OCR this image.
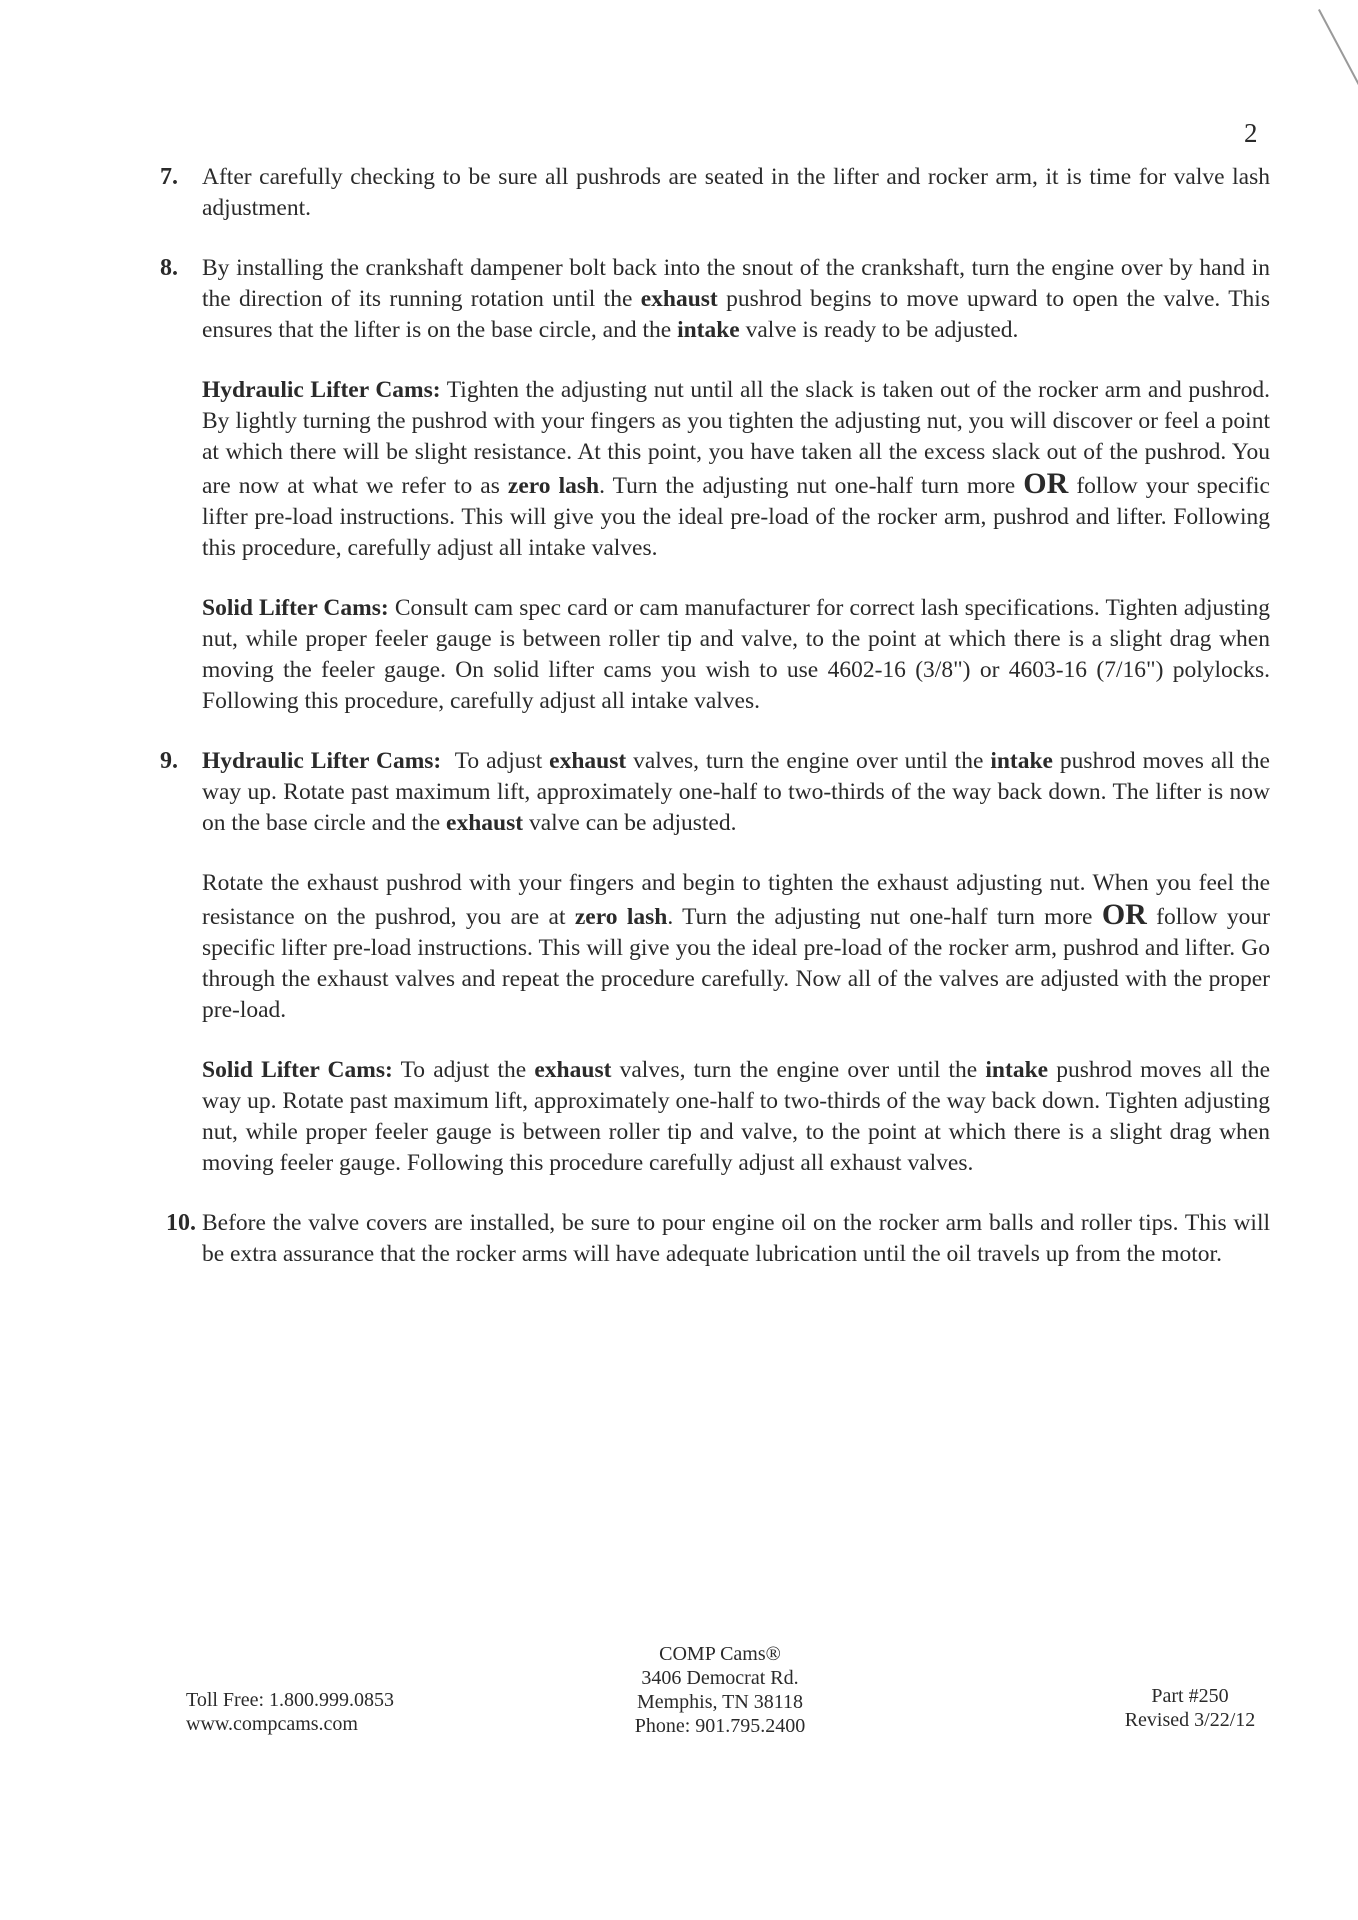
2
7. After carefully checking to be sure all pushrods are seated in the lifter and rocker arm, it is time for valve lash adjustment.

8. By installing the crankshaft dampener bolt back into the snout of the crankshaft, turn the engine over by hand in the direction of its running rotation until the exhaust pushrod begins to move upward to open the valve. This ensures that the lifter is on the base circle, and the intake valve is ready to be adjusted.

Hydraulic Lifter Cams: Tighten the adjusting nut until all the slack is taken out of the rocker arm and pushrod. By lightly turning the pushrod with your fingers as you tighten the adjusting nut, you will discover or feel a point at which there will be slight resistance. At this point, you have taken all the excess slack out of the pushrod. You are now at what we refer to as zero lash. Turn the adjusting nut one-half turn more OR follow your specific lifter pre-load instructions. This will give you the ideal pre-load of the rocker arm, pushrod and lifter. Following this procedure, carefully adjust all intake valves.

Solid Lifter Cams: Consult cam spec card or cam manufacturer for correct lash specifications. Tighten adjusting nut, while proper feeler gauge is between roller tip and valve, to the point at which there is a slight drag when moving the feeler gauge. On solid lifter cams you wish to use 4602-16 (3/8") or 4603-16 (7/16") polylocks. Following this procedure, carefully adjust all intake valves.

9. Hydraulic Lifter Cams:  To adjust exhaust valves, turn the engine over until the intake pushrod moves all the way up. Rotate past maximum lift, approximately one-half to two-thirds of the way back down. The lifter is now on the base circle and the exhaust valve can be adjusted.

Rotate the exhaust pushrod with your fingers and begin to tighten the exhaust adjusting nut. When you feel the resistance on the pushrod, you are at zero lash. Turn the adjusting nut one-half turn more OR follow your specific lifter pre-load instructions. This will give you the ideal pre-load of the rocker arm, pushrod and lifter. Go through the exhaust valves and repeat the procedure carefully. Now all of the valves are adjusted with the proper pre-load.

Solid Lifter Cams: To adjust the exhaust valves, turn the engine over until the intake pushrod moves all the way up. Rotate past maximum lift, approximately one-half to two-thirds of the way back down. Tighten adjusting nut, while proper feeler gauge is between roller tip and valve, to the point at which there is a slight drag when moving feeler gauge. Following this procedure carefully adjust all exhaust valves.

10. Before the valve covers are installed, be sure to pour engine oil on the rocker arm balls and roller tips. This will be extra assurance that the rocker arms will have adequate lubrication until the oil travels up from the motor.

Toll Free: 1.800.999.0853
www.compcams.com
COMP Cams®
3406 Democrat Rd.
Memphis, TN 38118
Phone: 901.795.2400
Part #250
Revised 3/22/12
